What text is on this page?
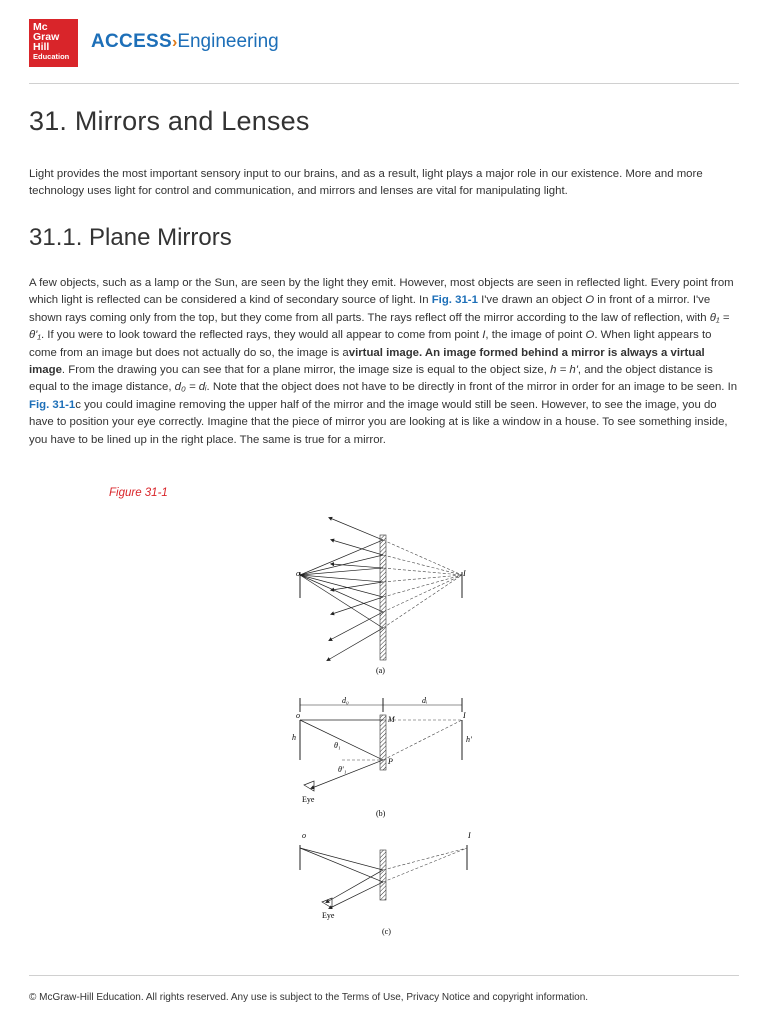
Mc
Graw
Hill
Education
ACCESS›Engineering
31. Mirrors and Lenses

Light provides the most important sensory input to our brains, and as a result, light plays a major role in our existence. More and more technology uses light for control and communication, and mirrors and lenses are vital for manipulating light.

31.1. Plane Mirrors

A few objects, such as a lamp or the Sun, are seen by the light they emit. However, most objects are seen in reflected light. Every point from which light is reflected can be considered a kind of secondary source of light. In Fig. 31-1 I've drawn an object O in front of a mirror. I've shown rays coming only from the top, but they come from all parts. The rays reflect off the mirror according to the law of reflection, with θ₁ = θ'₁. If you were to look toward the reflected rays, they would all appear to come from point I, the image of point O. When light appears to come from an image but does not actually do so, the image is avirtual image. An image formed behind a mirror is always a virtual image. From the drawing you can see that for a plane mirror, the image size is equal to the object size, h = h', and the object distance is equal to the image distance, d₀ = dᵢ. Note that the object does not have to be directly in front of the mirror in order for an image to be seen. In Fig. 31-1c you could imagine removing the upper half of the mirror and the image would still be seen. However, to see the image, you do have to position your eye correctly. Imagine that the piece of mirror you are looking at is like a window in a house. To see something inside, you have to be lined up in the right place. The same is true for a mirror.

Figure 31-1
o	I
(a)
d₀	dᵢ
o	M	I
h	h'
θ₁
θ'₁
P
Eye
(b)
o	I
Eye
(c)
© McGraw-Hill Education. All rights reserved. Any use is subject to the Terms of Use, Privacy Notice and copyright information.
